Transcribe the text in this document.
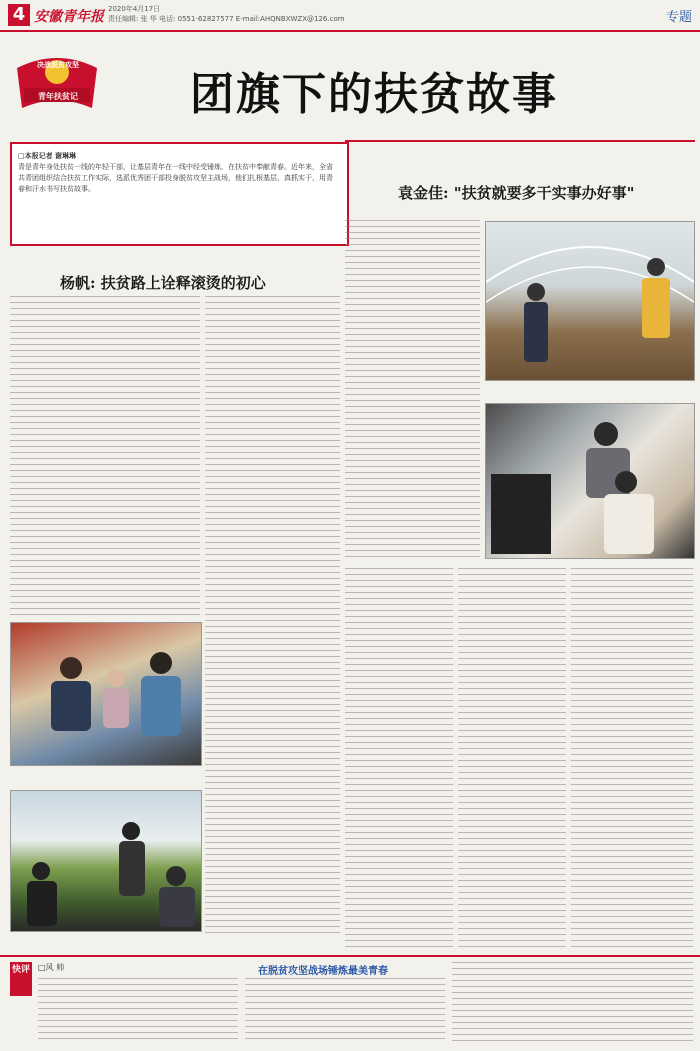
4 安徽青年报 2020年4月17日
责任编辑: 张 华 电话: 0551-62827577 E-mail:AHQNBXWZX@126.com	专题
决战脱贫攻坚
青年扶贫记	团旗下的扶贫故事
□本报记者 谢琳琳
青是青年身处扶贫一线的年轻干部，让基层青年在一线中经受锤炼，在扶贫中奉献青春。近年来，全省共青团组织结合扶贫工作实际，选派优秀团干部投身脱贫攻坚主战场，他们扎根基层、真抓实干，用青春和汗水书写扶贫故事。
杨帆: 扶贫路上诠释滚烫的初心
袁金佳: "扶贫就要多干实事办好事"
快评 □风 帅	在脱贫攻坚战场锤炼最美青春
